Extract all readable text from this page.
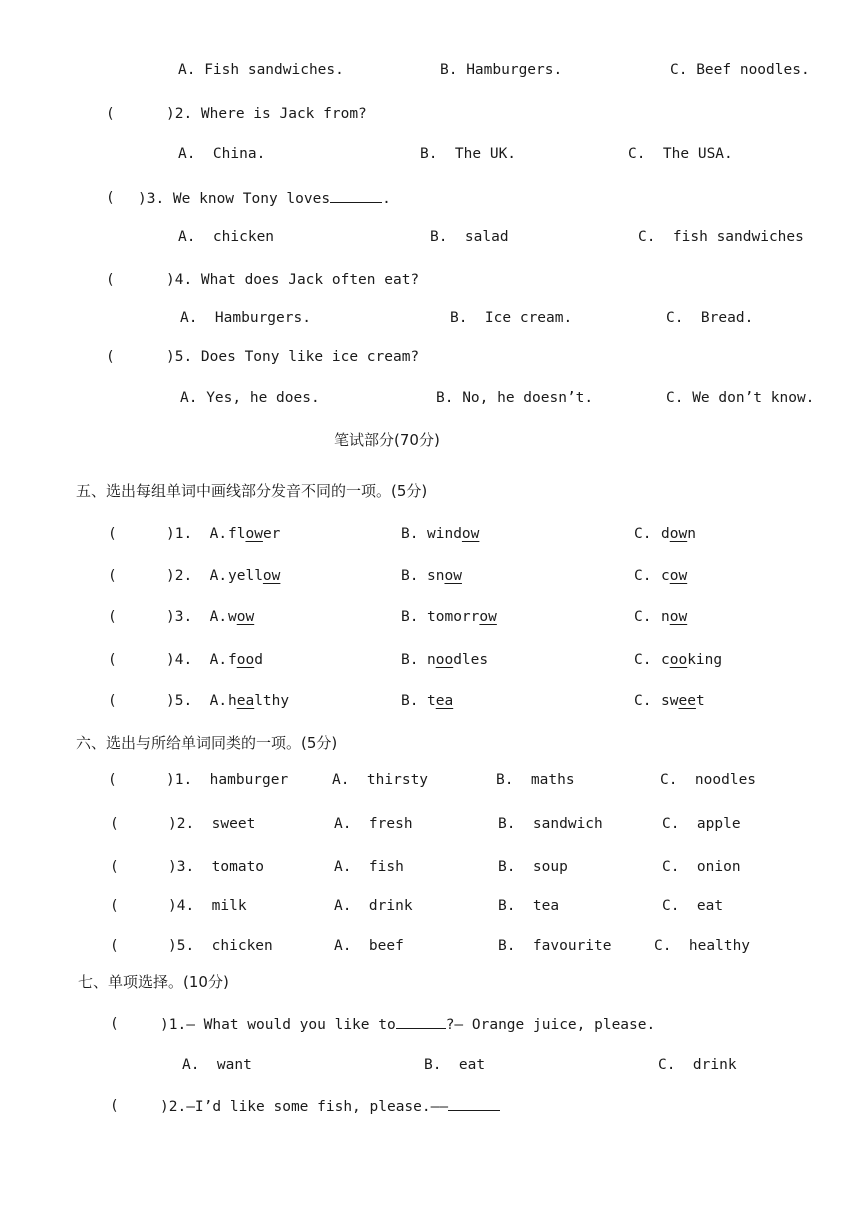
A. Fish sandwiches.	B. Hamburgers.	C. Beef noodles.
(	)2. Where is Jack from?
A.  China.	B.  The UK.	C.  The USA.
( )3. We know Tony loves	.
A.  chicken	B.  salad	C.  fish sandwiches
(	)4. What does Jack often eat?
A.  Hamburgers.	B.  Ice cream.	C.  Bread.
(	)5. Does Tony like ice cream?
A. Yes, he does.	B. No, he doesn’t.	C. We don’t know.
笔试部分(70分)
五、选出每组单词中画线部分发音不同的一项。(5分)
(	)1.  A. flower	B. window	C. down
(	)2.  A. yellow	B. snow	C. cow
(	)3.  A. wow	B. tomorrow	C. now
(	)4.  A. food	B. noodles	C. cooking
(	)5.  A. healthy	B. tea	C. sweet
六、选出与所给单词同类的一项。(5分)
(	)1.  hamburger	A.  thirsty	B.  maths	C.  noodles
(	)2.  sweet	A.  fresh	B.  sandwich	C.  apple
(	)3.  tomato	A.  fish	B.  soup	C.  onion
(	)4.  milk	A.  drink	B.  tea	C.  eat
(	)5.  chicken	A.  beef	B.  favourite	C.  healthy
七、单项选择。(10分)
(	)1.— What would you like to	?— Orange juice, please.
A.  want	B.  eat	C.  drink
(	)2.—I’d like some fish, please.——
